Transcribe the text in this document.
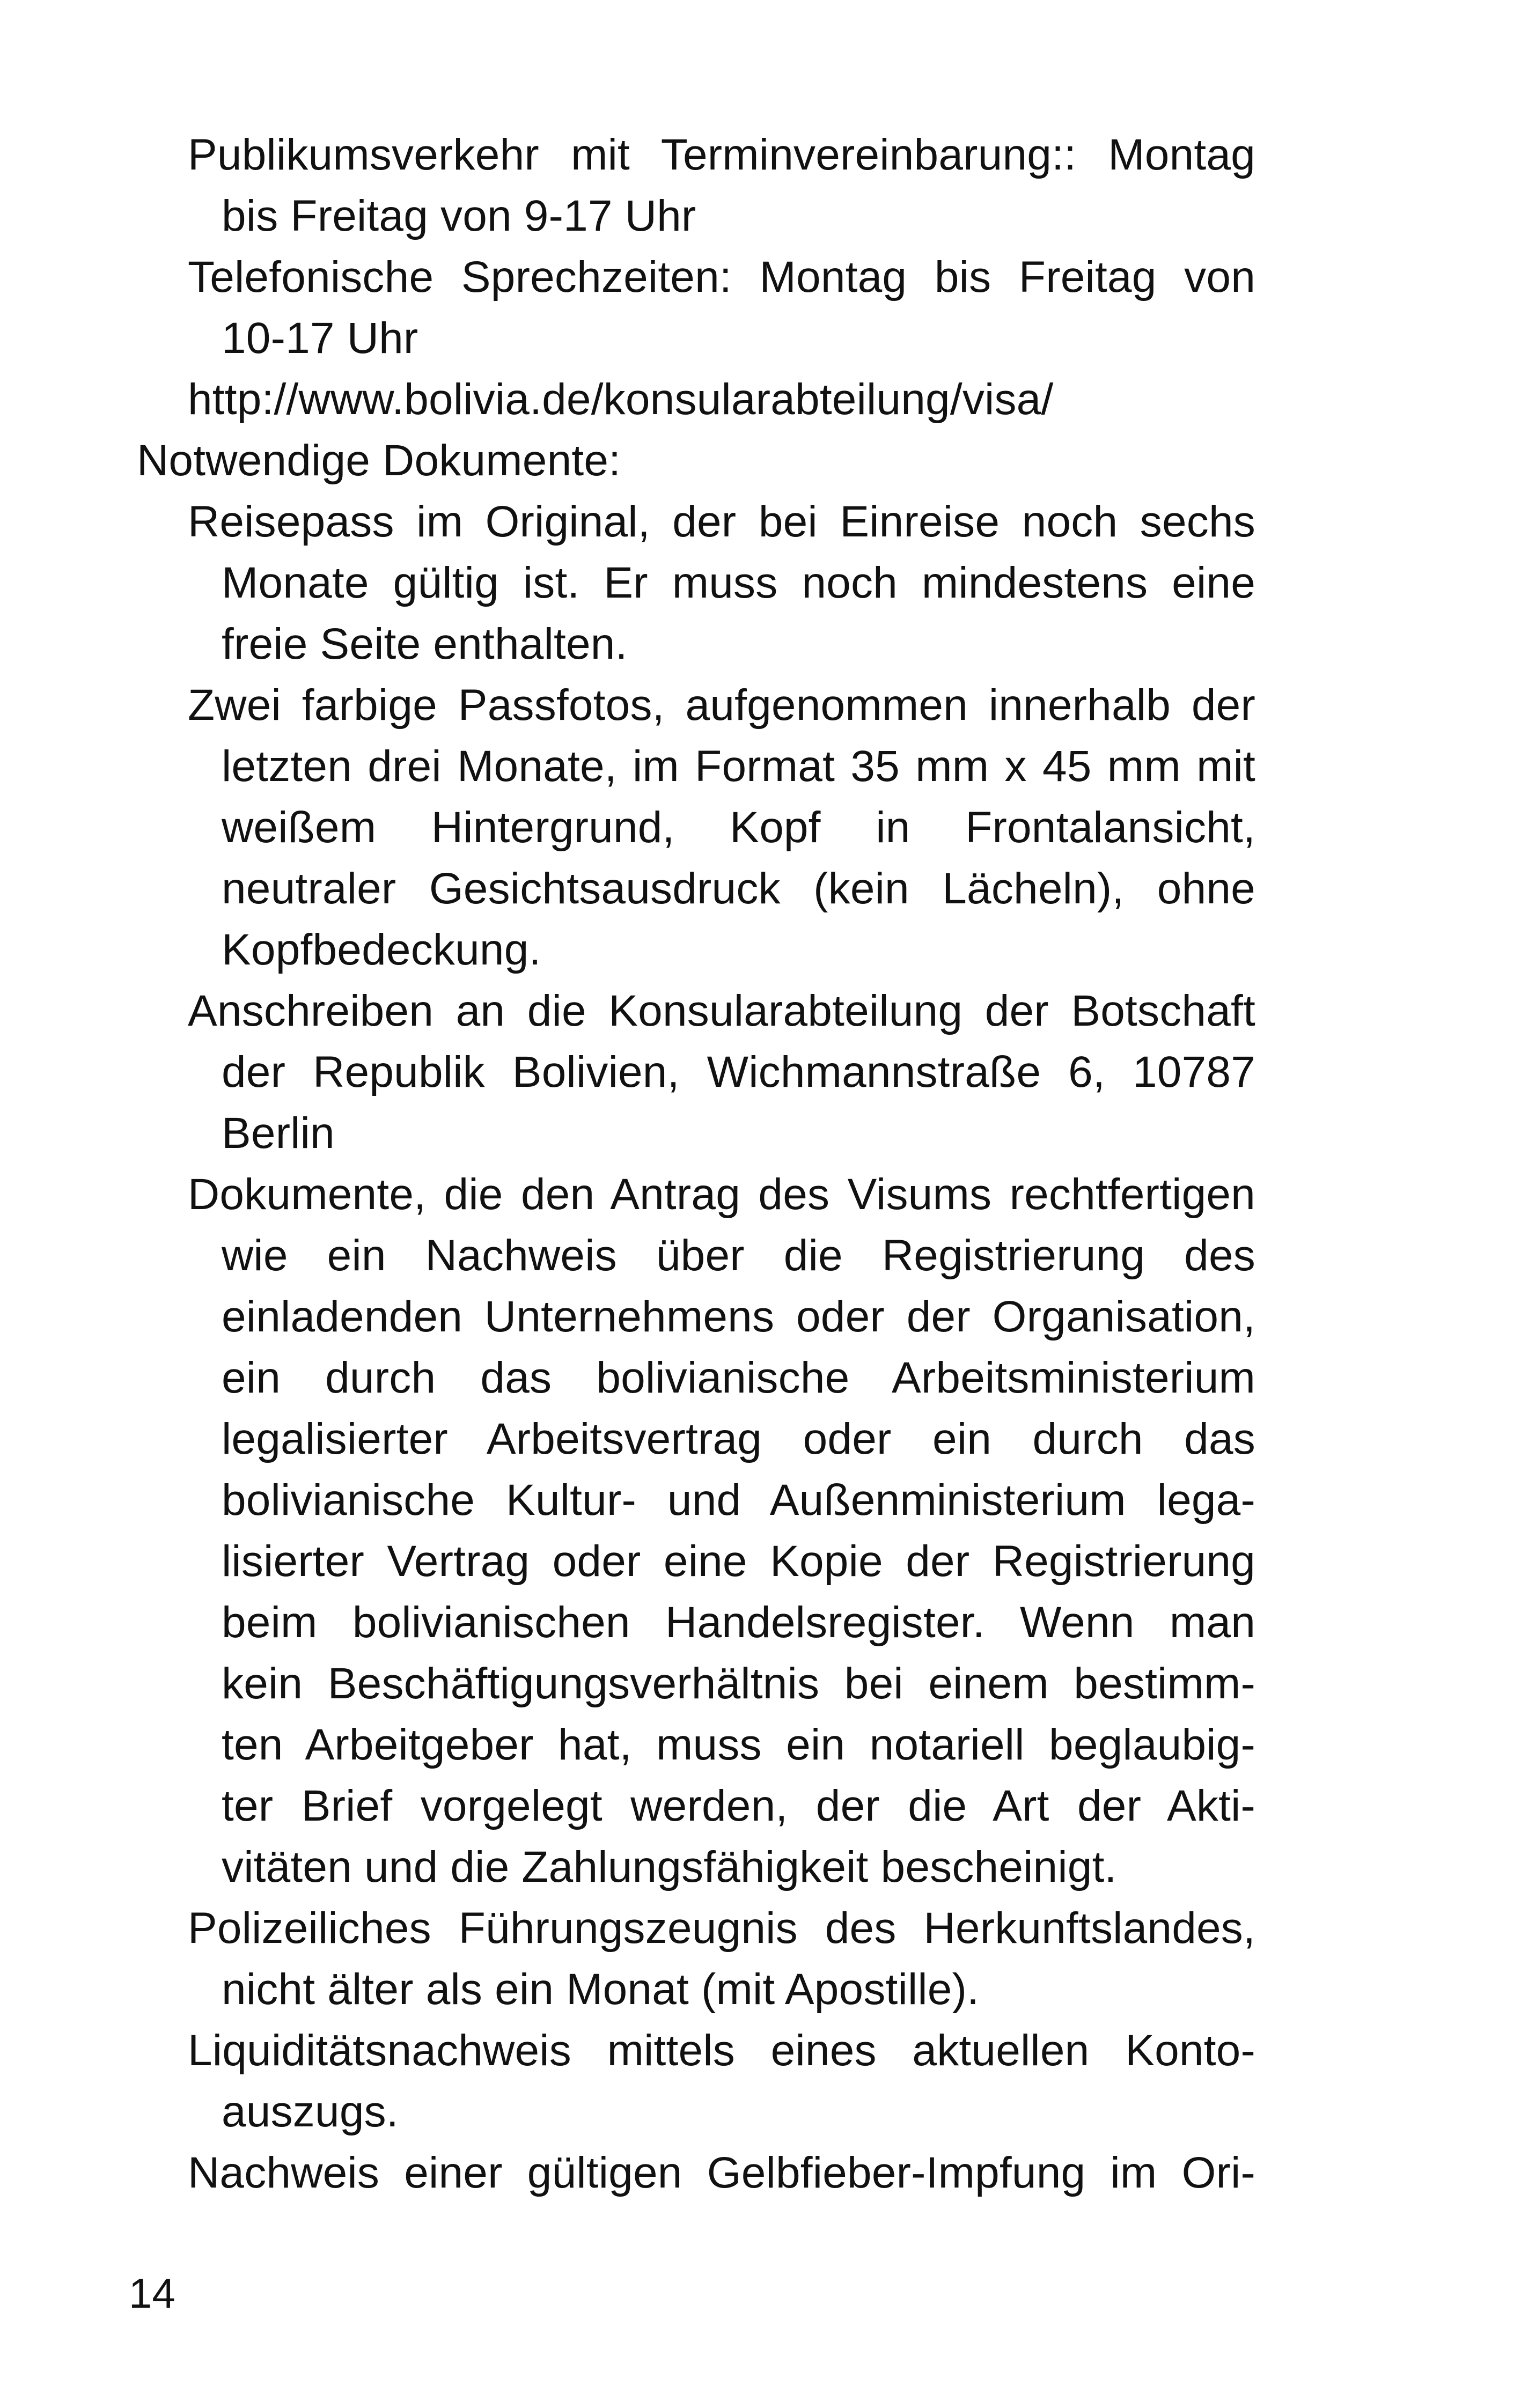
Publikumsverkehr mit Terminvereinbarung:: Montag

bis Freitag von 9-17 Uhr

Telefonische Sprechzeiten: Montag bis Freitag von

10-17 Uhr

http://www.bolivia.de/konsularabteilung/visa/

Notwendige Dokumente:

Reisepass im Original, der bei Einreise noch sechs

Monate gültig ist. Er muss noch mindestens eine

freie Seite enthalten.

Zwei farbige Passfotos, aufgenommen innerhalb der

letzten drei Monate, im Format 35 mm x 45 mm mit

weißem Hintergrund, Kopf in Frontalansicht,

neutraler Gesichtsausdruck (kein Lächeln), ohne

Kopfbedeckung.

Anschreiben an die Konsularabteilung der Botschaft

der Republik Bolivien, Wichmannstraße 6, 10787

Berlin

Dokumente, die den Antrag des Visums rechtfertigen

wie ein Nachweis über die Registrierung des

einladenden Unternehmens oder der Organisation,

ein durch das bolivianische Arbeitsministerium

legalisierter Arbeitsvertrag oder ein durch das

bolivianische Kultur- und Außenministerium lega-

lisierter Vertrag oder eine Kopie der Registrierung

beim bolivianischen Handelsregister. Wenn man

kein Beschäftigungsverhältnis bei einem bestimm-

ten Arbeitgeber hat, muss ein notariell beglaubig-

ter Brief vorgelegt werden, der die Art der Akti-

vitäten und die Zahlungsfähigkeit bescheinigt.

Polizeiliches Führungszeugnis des Herkunftslandes,

nicht älter als ein Monat (mit Apostille).

Liquiditätsnachweis mittels eines aktuellen Konto-

auszugs.

Nachweis einer gültigen Gelbfieber-Impfung im Ori-

14
